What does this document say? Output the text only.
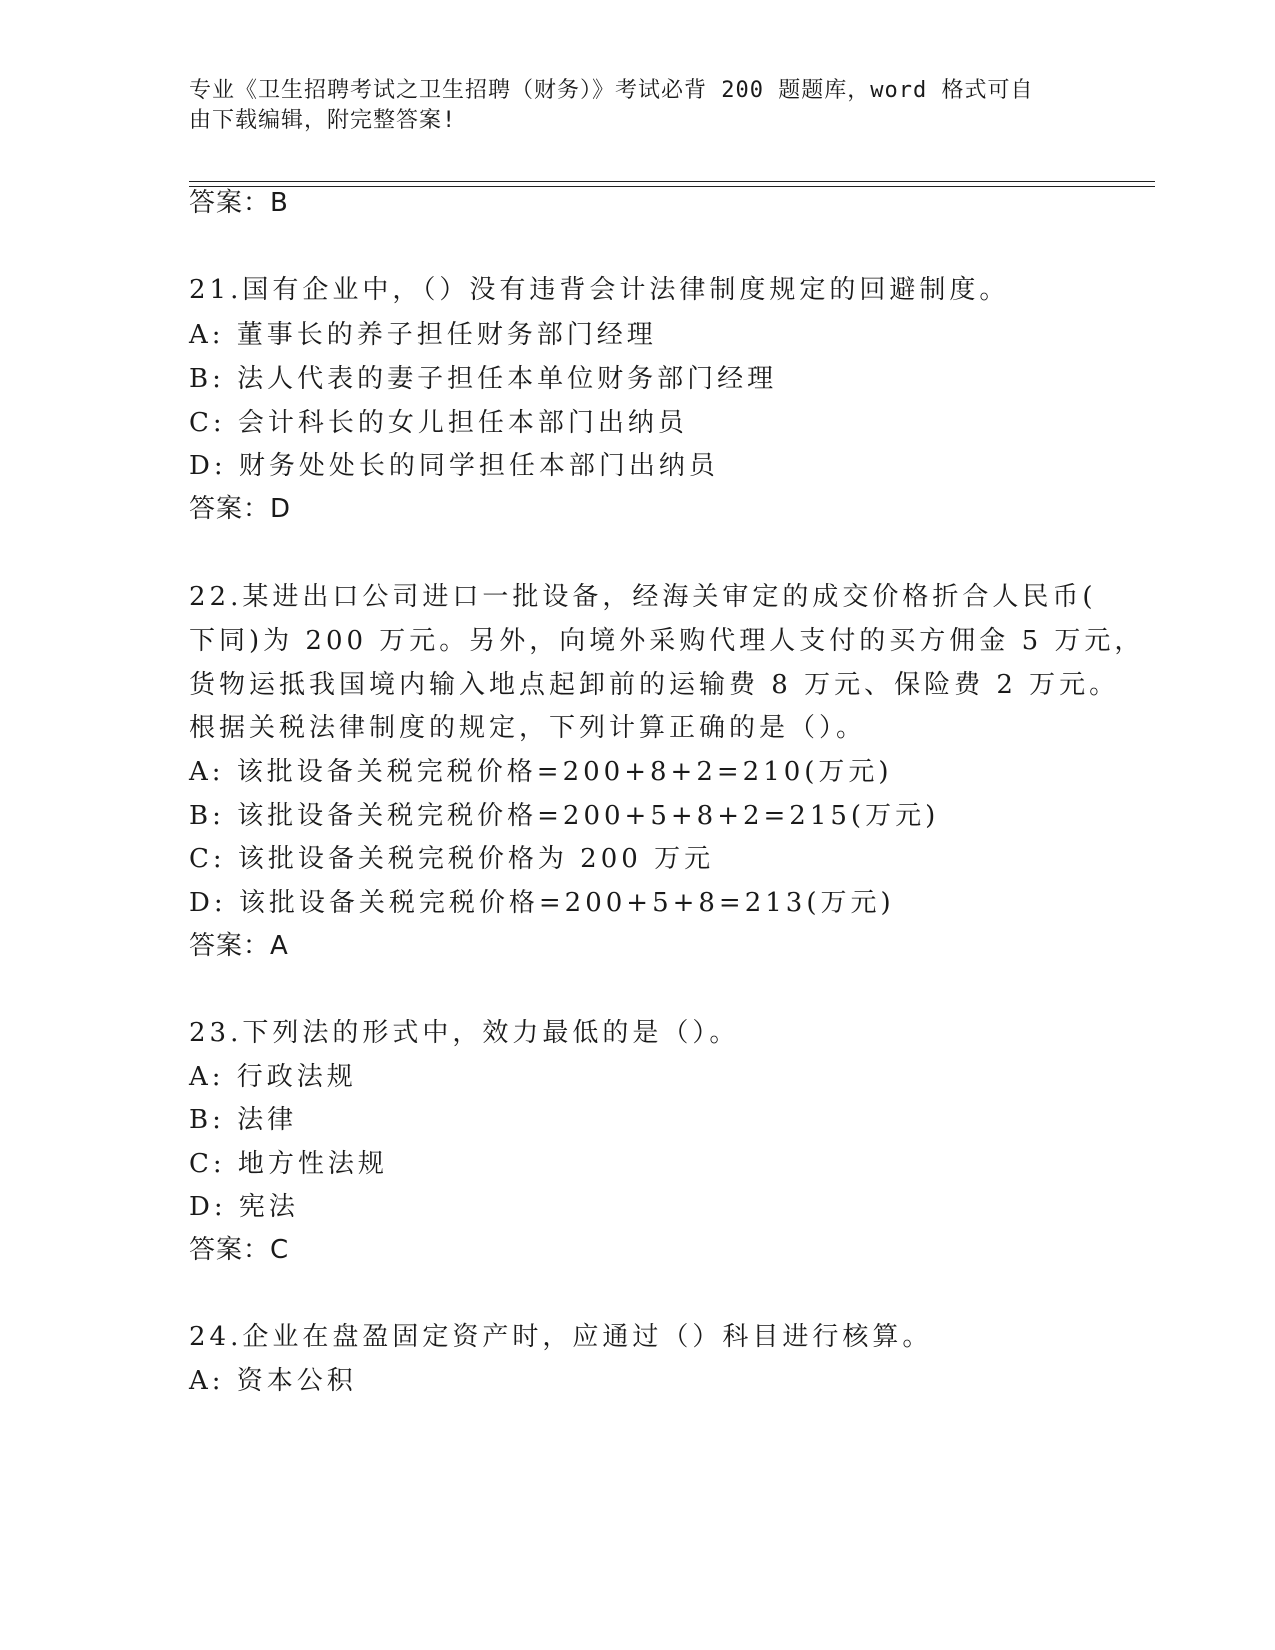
专业《卫生招聘考试之卫生招聘（财务）》考试必背 200 题题库，word 格式可自
由下载编辑，附完整答案!
答案：B
21.国有企业中，（）没有违背会计法律制度规定的回避制度。
A: 董事长的养子担任财务部门经理
B: 法人代表的妻子担任本单位财务部门经理
C: 会计科长的女儿担任本部门出纳员
D: 财务处处长的同学担任本部门出纳员
答案：D
22.某进出口公司进口一批设备，经海关审定的成交价格折合人民币(
下同)为 200 万元。另外，向境外采购代理人支付的买方佣金 5 万元，
货物运抵我国境内输入地点起卸前的运输费 8 万元、保险费 2 万元。
根据关税法律制度的规定，下列计算正确的是（）。
A: 该批设备关税完税价格=200+8+2=210(万元)
B: 该批设备关税完税价格=200+5+8+2=215(万元)
C: 该批设备关税完税价格为 200 万元
D: 该批设备关税完税价格=200+5+8=213(万元)
答案：A
23.下列法的形式中，效力最低的是（）。
A: 行政法规
B: 法律
C: 地方性法规
D: 宪法
答案：C
24.企业在盘盈固定资产时，应通过（）科目进行核算。
A: 资本公积
